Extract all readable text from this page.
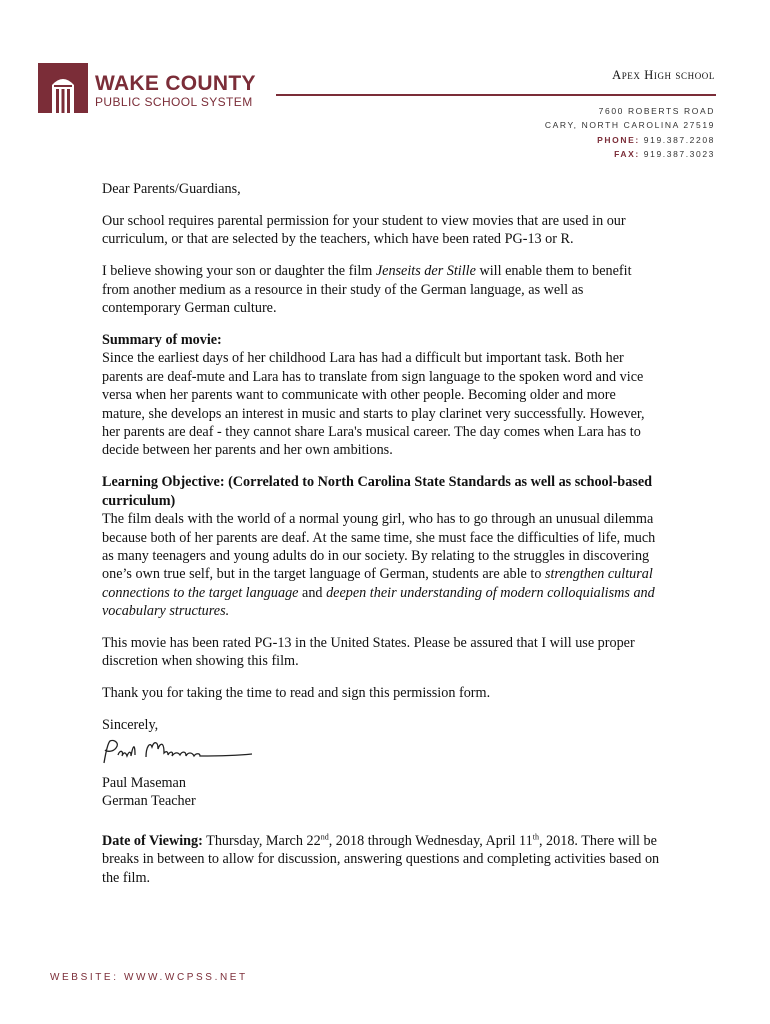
WAKE COUNTY
PUBLIC SCHOOL SYSTEM
Apex High school
7600 ROBERTS ROAD
CARY, NORTH CAROLINA 27519
PHONE: 919.387.2208
FAX: 919.387.3023

Dear Parents/Guardians,

Our school requires parental permission for your student to view movies that are used in our curriculum, or that are selected by the teachers, which have been rated PG-13 or R.

I believe showing your son or daughter the film Jenseits der Stille will enable them to benefit from another medium as a resource in their study of the German language, as well as contemporary German culture.

Summary of movie:
Since the earliest days of her childhood Lara has had a difficult but important task. Both her parents are deaf-mute and Lara has to translate from sign language to the spoken word and vice versa when her parents want to communicate with other people. Becoming older and more mature, she develops an interest in music and starts to play clarinet very successfully. However, her parents are deaf - they cannot share Lara's musical career. The day comes when Lara has to decide between her parents and her own ambitions.

Learning Objective: (Correlated to North Carolina State Standards as well as school-based curriculum)
The film deals with the world of a normal young girl, who has to go through an unusual dilemma because both of her parents are deaf. At the same time, she must face the difficulties of life, much as many teenagers and young adults do in our society. By relating to the struggles in discovering one’s own true self, but in the target language of German, students are able to strengthen cultural connections to the target language and deepen their understanding of modern colloquialisms and vocabulary structures.

This movie has been rated PG-13 in the United States. Please be assured that I will use proper discretion when showing this film.

Thank you for taking the time to read and sign this permission form.

Sincerely,

Paul Maseman
German Teacher

Date of Viewing: Thursday, March 22nd, 2018 through Wednesday, April 11th, 2018. There will be breaks in between to allow for discussion, answering questions and completing activities based on the film.

WEBSITE: WWW.WCPSS.NET
